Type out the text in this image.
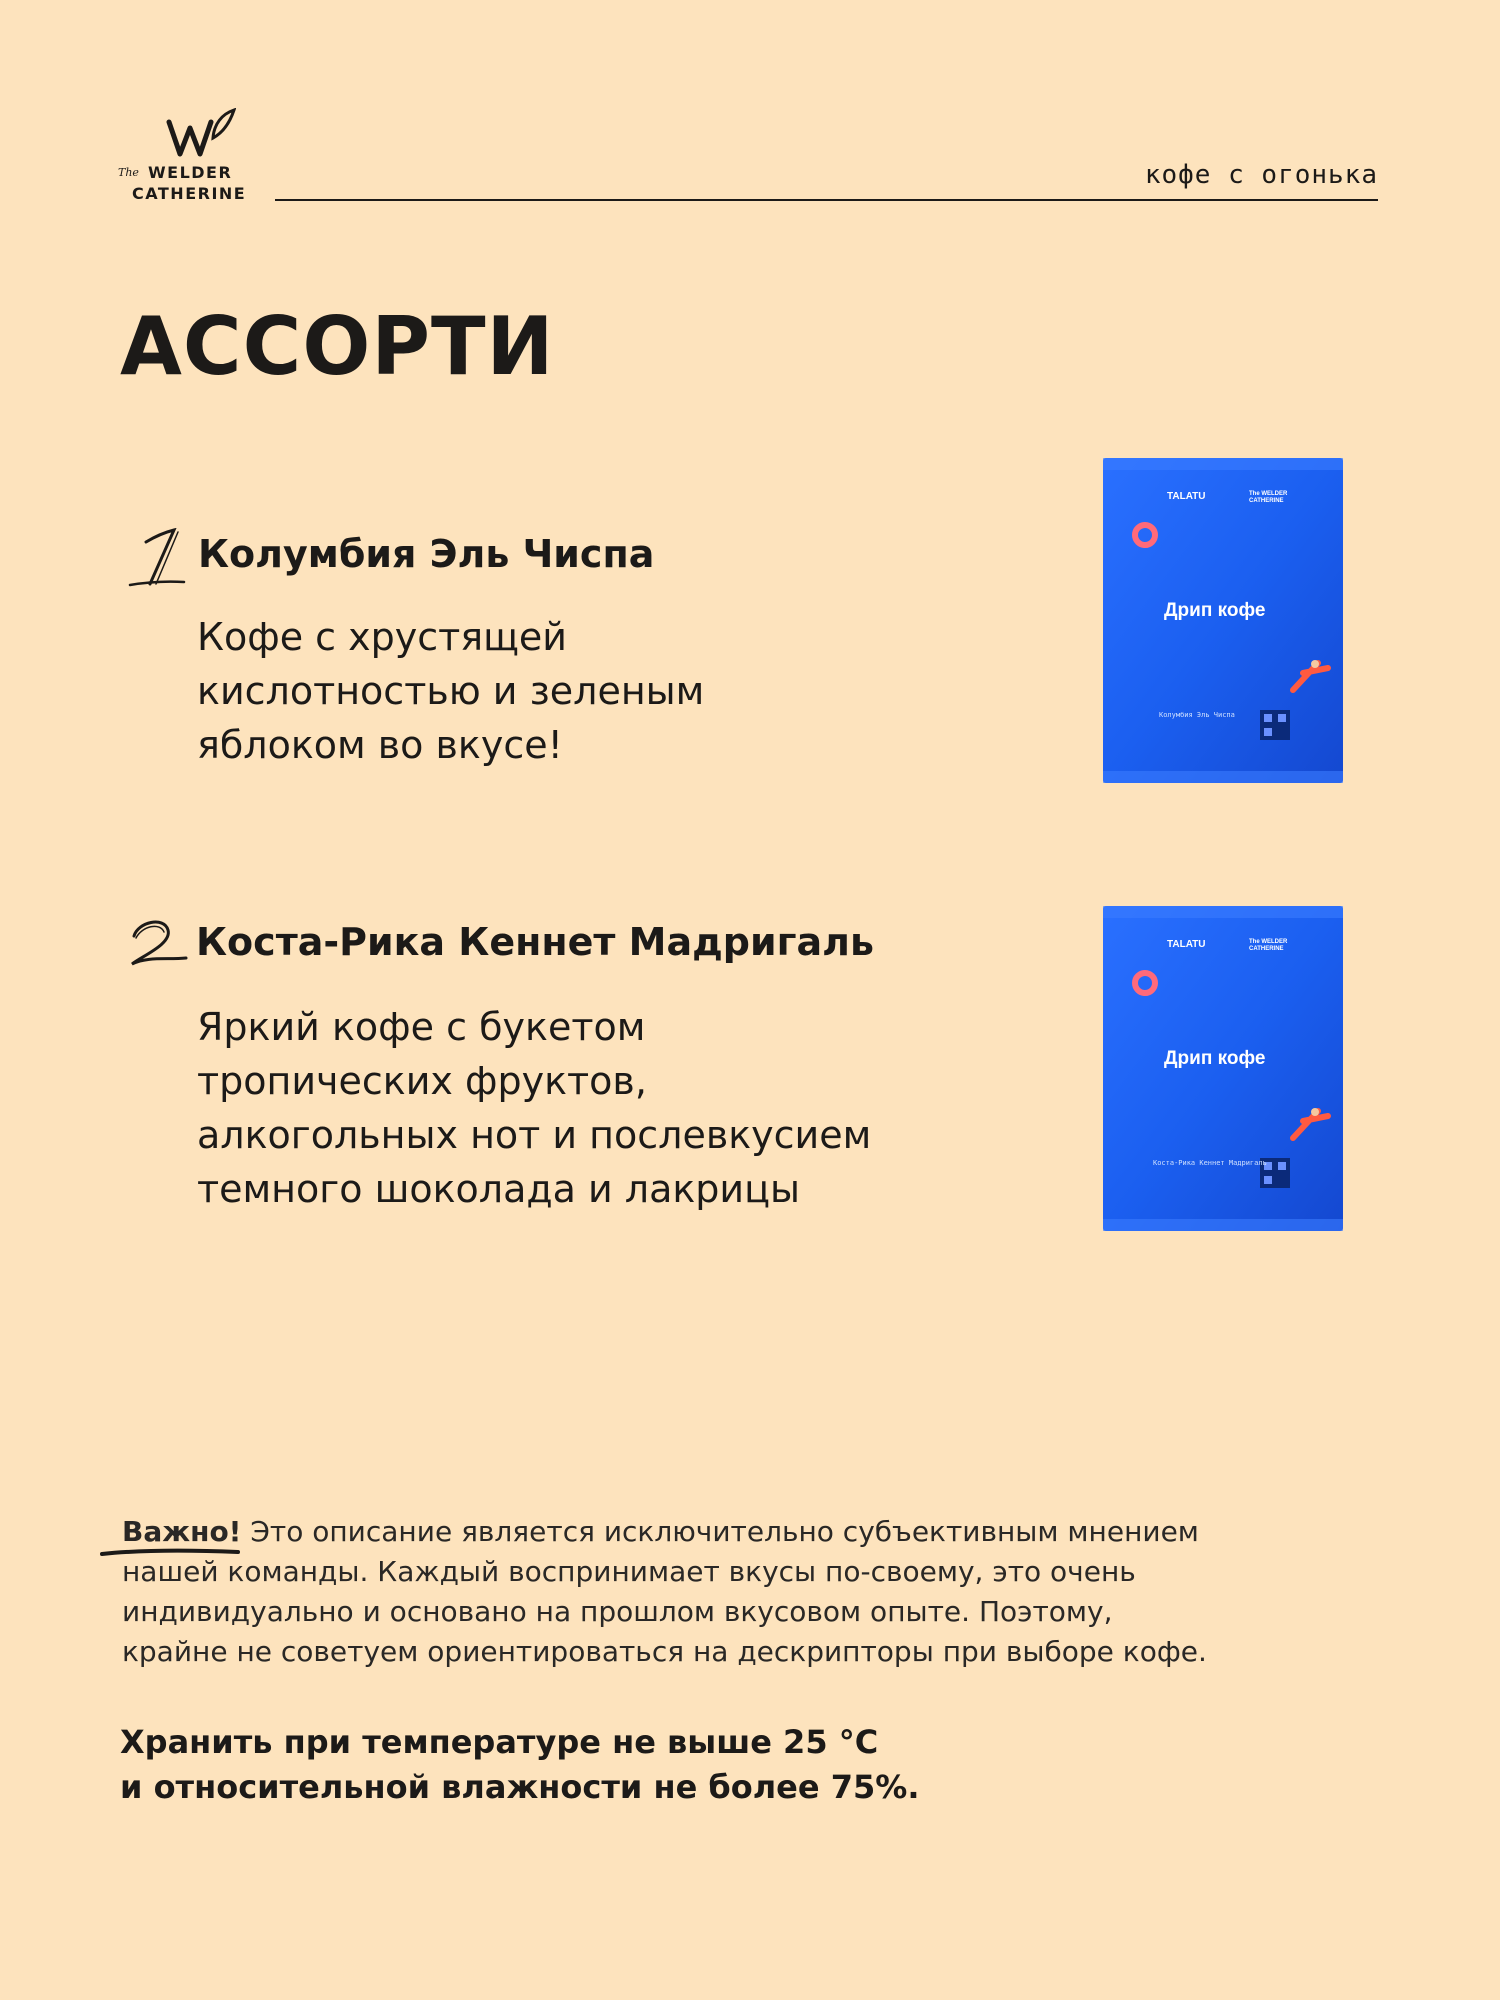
The WELDER
CATHERINE
кофе с огонька
АССОРТИ
Колумбия Эль Чиспа
Кофе с хрустящей
кислотностью и зеленым
яблоком во вкусе!
TALATU	The WELDER
CATHERINE
Дрип кофе
Колумбия Эль Чиспа
Коста-Рика Кеннет Мадригаль
Яркий кофе с букетом
тропических фруктов,
алкогольных нот и послевкусием
темного шоколада и лакрицы
TALATU	The WELDER
CATHERINE
Дрип кофе
Коста-Рика Кеннет Мадригаль
Важно! Это описание является исключительно субъективным мнением
нашей команды. Каждый воспринимает вкусы по-своему, это очень
индивидуально и основано на прошлом вкусовом опыте. Поэтому,
крайне не советуем ориентироваться на дескрипторы при выборе кофе.
Хранить при температуре не выше 25 °С
и относительной влажности не более 75%.
